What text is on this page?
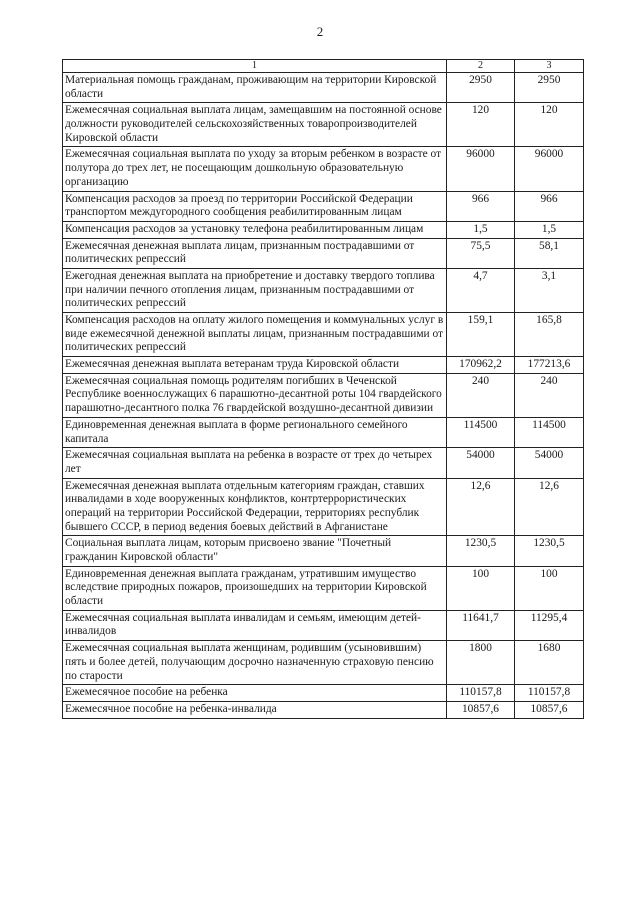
2
1	2	3
Материальная помощь гражданам, проживающим на территории Кировской области	2950	2950
Ежемесячная социальная выплата лицам, замещавшим на постоянной основе должности руководителей сельскохозяйственных товаропроизводителей Кировской области	120	120
Ежемесячная социальная выплата по уходу за вторым ребенком в возрасте от полутора до трех лет, не посещающим дошкольную образовательную организацию	96000	96000
Компенсация расходов за проезд по территории Российской Федерации транспортом междугородного сообщения реабилитированным лицам	966	966
Компенсация расходов за установку телефона реабилитированным лицам	1,5	1,5
Ежемесячная денежная выплата лицам, признанным пострадавшими от политических репрессий	75,5	58,1
Ежегодная денежная выплата на приобретение и доставку твердого топлива при наличии печного отопления лицам, признанным пострадавшими от политических репрессий	4,7	3,1
Компенсация расходов на оплату жилого помещения и коммунальных услуг в виде ежемесячной денежной выплаты лицам, признанным пострадавшими от политических репрессий	159,1	165,8
Ежемесячная денежная выплата ветеранам труда Кировской области	170962,2	177213,6
Ежемесячная социальная помощь родителям погибших в Чеченской Республике военнослужащих 6 парашютно-десантной роты 104 гвардейского парашютно-десантного полка 76 гвардейской воздушно-десантной дивизии	240	240
Единовременная денежная выплата в форме регионального семейного капитала	114500	114500
Ежемесячная социальная выплата на ребенка в возрасте от трех до четырех лет	54000	54000
Ежемесячная денежная выплата отдельным категориям граждан, ставших инвалидами в ходе вооруженных конфликтов, контртеррористических операций на территории Российской Федерации, территориях республик бывшего СССР, в период ведения боевых действий в Афганистане	12,6	12,6
Социальная выплата лицам, которым присвоено звание "Почетный гражданин Кировской области"	1230,5	1230,5
Единовременная денежная выплата гражданам, утратившим имущество вследствие природных пожаров, произошедших на территории Кировской области	100	100
Ежемесячная социальная выплата инвалидам и семьям, имеющим детей-инвалидов	11641,7	11295,4
Ежемесячная социальная выплата женщинам, родившим (усыновившим) пять и более детей, получающим досрочно назначенную страховую пенсию по старости	1800	1680
Ежемесячное пособие на ребенка	110157,8	110157,8
Ежемесячное пособие на ребенка-инвалида	10857,6	10857,6
